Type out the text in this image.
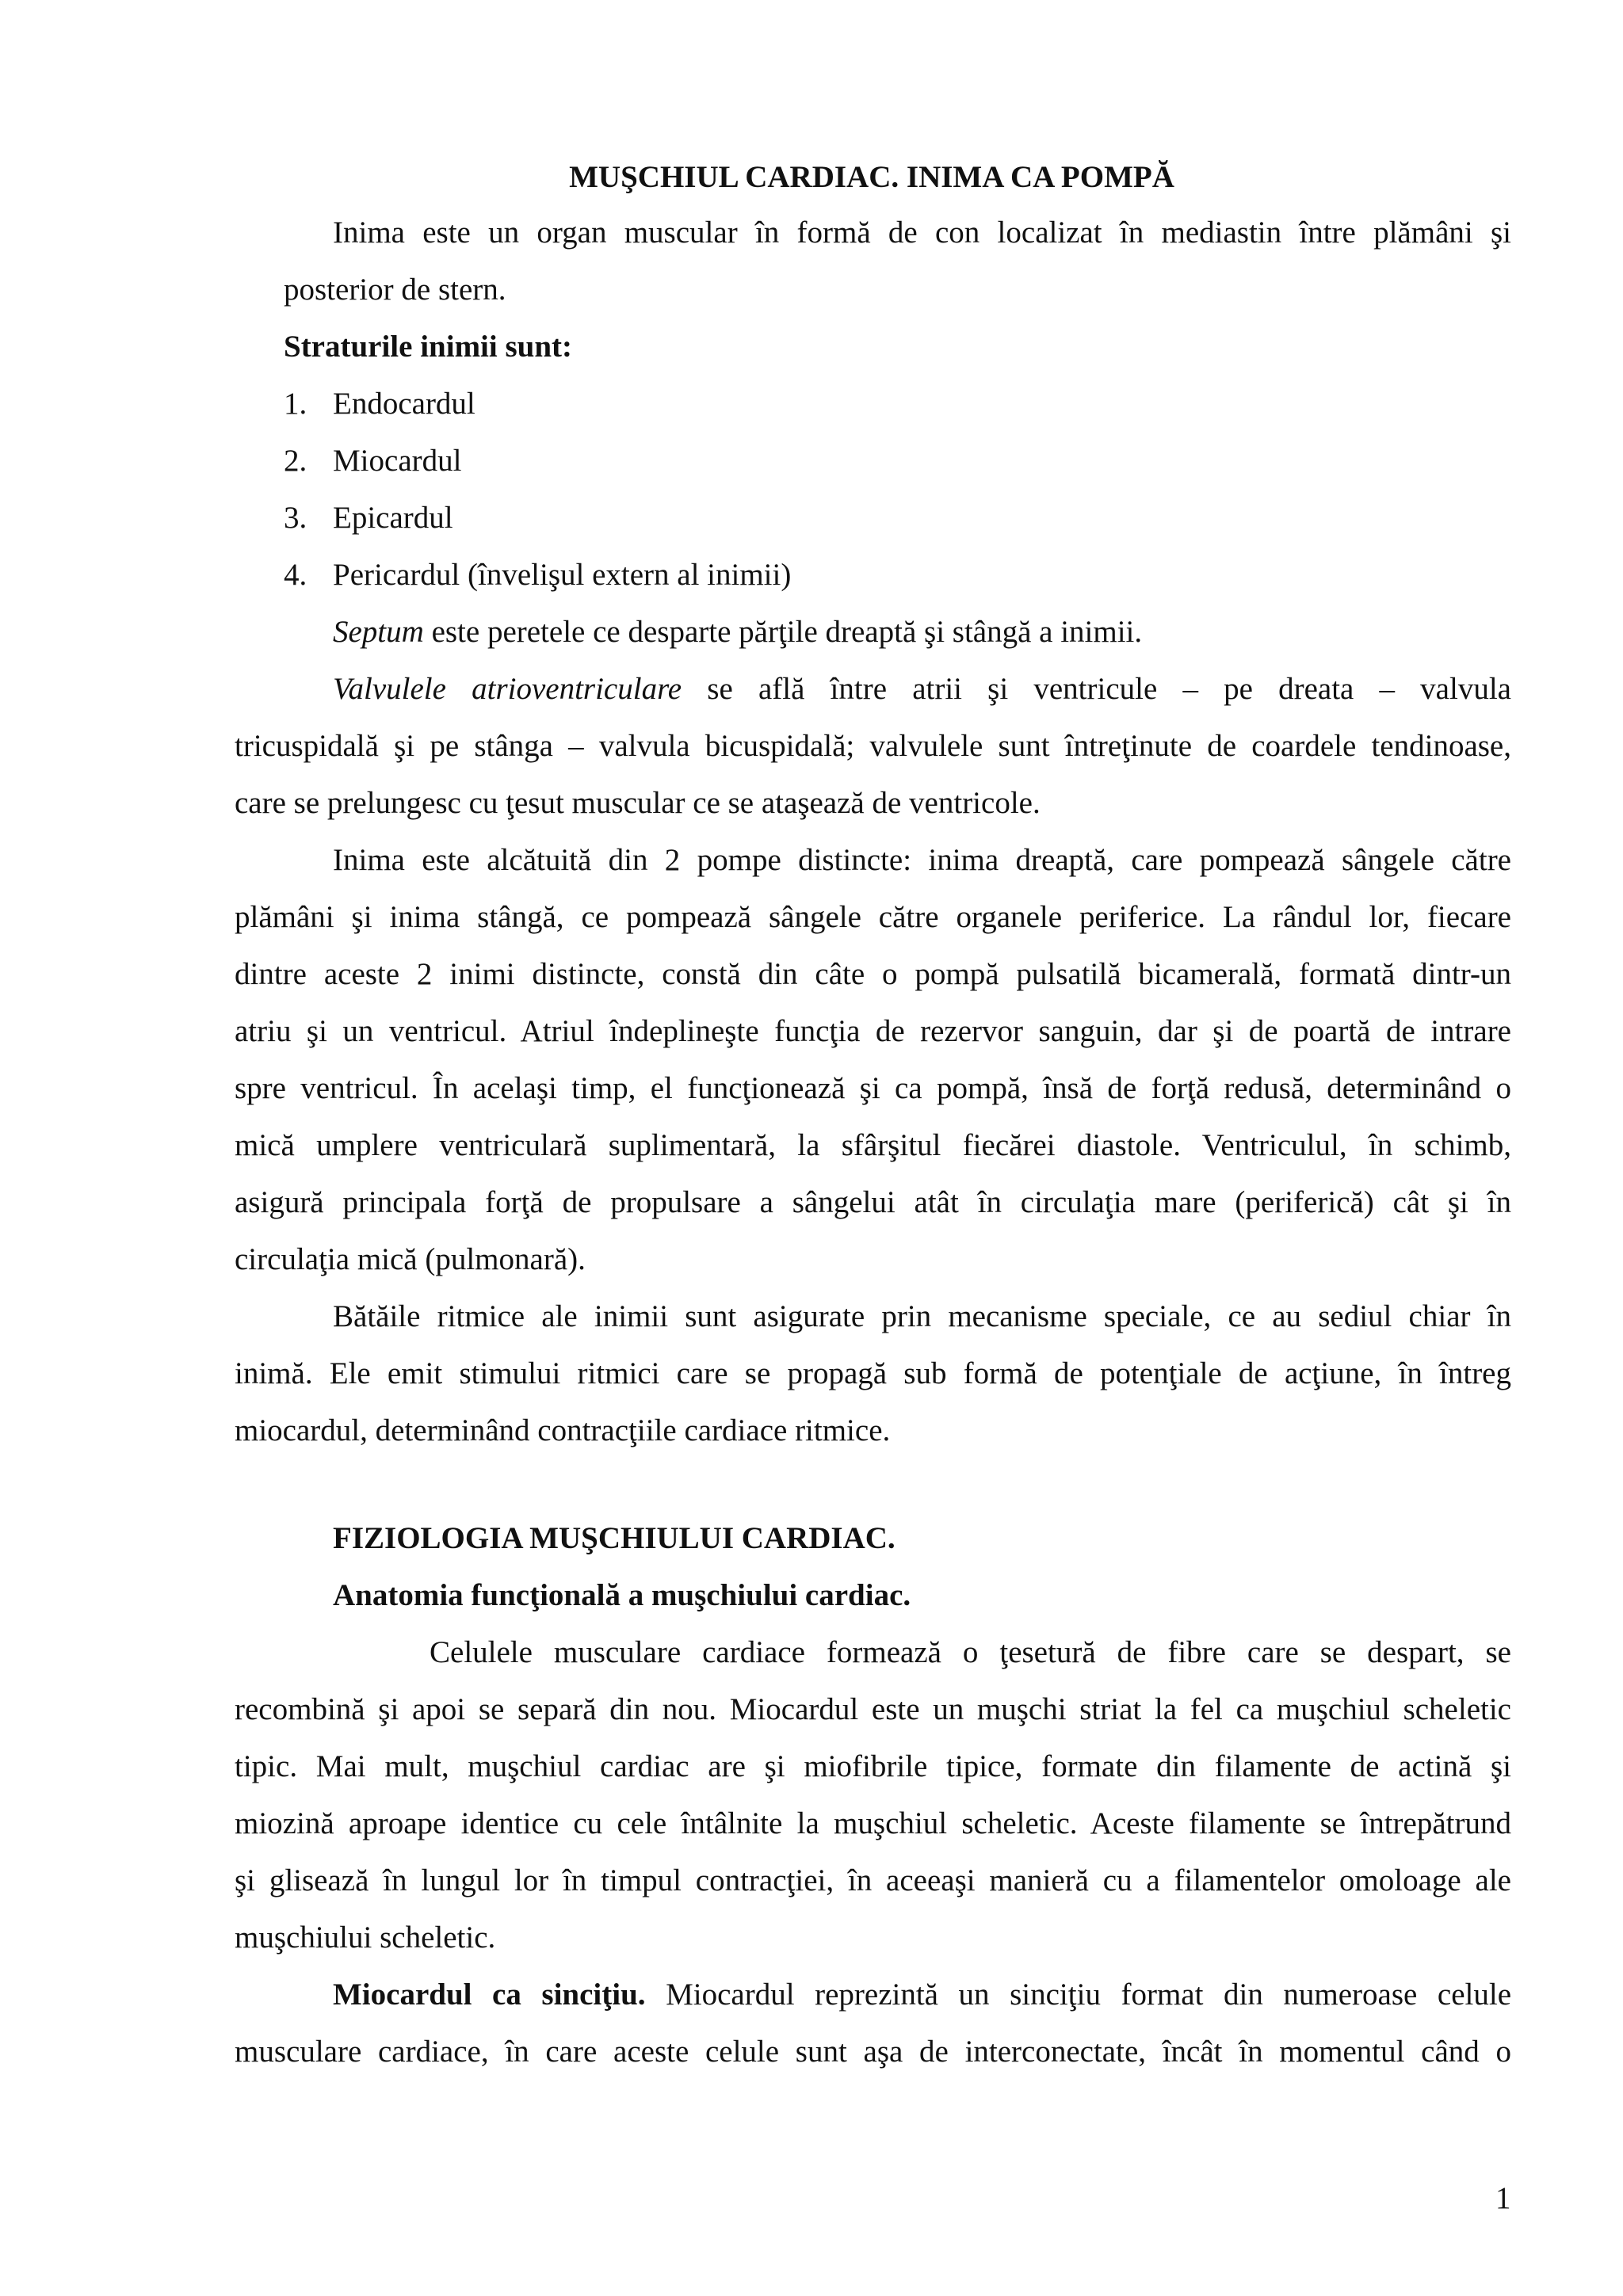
MUŞCHIUL CARDIAC. INIMA CA POMPĂ
Inima este un organ muscular în formă de con localizat în mediastin între plămâni şi
posterior de stern.
Straturile inimii sunt:
1. Endocardul
2. Miocardul
3. Epicardul
4. Pericardul (învelişul extern al inimii)
Septum este peretele ce desparte părţile dreaptă şi stângă a inimii.
Valvulele atrioventriculare se află între atrii şi ventricule – pe dreata – valvula
tricuspidală şi pe stânga – valvula bicuspidală; valvulele sunt întreţinute de coardele tendinoase,
care se prelungesc cu ţesut muscular ce se ataşează de ventricole.
Inima este alcătuită din 2 pompe distincte: inima dreaptă, care pompează sângele către
plămâni şi inima stângă, ce pompează sângele către organele periferice. La rândul lor, fiecare
dintre aceste 2 inimi distincte, constă din câte o pompă pulsatilă bicamerală, formată dintr-un
atriu şi un ventricul. Atriul îndeplineşte funcţia de rezervor sanguin, dar şi de poartă de intrare
spre ventricul. În acelaşi timp, el funcţionează şi ca pompă, însă de forţă redusă, determinând o
mică umplere ventriculară suplimentară, la sfârşitul fiecărei diastole. Ventriculul, în schimb,
asigură principala forţă de propulsare a sângelui atât în circulaţia mare (periferică) cât şi în
circulaţia mică (pulmonară).
Bătăile ritmice ale inimii sunt asigurate prin mecanisme speciale, ce au sediul chiar în
inimă. Ele emit stimului ritmici care se propagă sub formă de potenţiale de acţiune, în întreg
miocardul, determinând contracţiile cardiace ritmice.
FIZIOLOGIA MUŞCHIULUI CARDIAC.
Anatomia funcţională a muşchiului cardiac.
Celulele musculare cardiace formează o ţesetură de fibre care se despart, se
recombină şi apoi se separă din nou. Miocardul este un muşchi striat la fel ca muşchiul scheletic
tipic. Mai mult, muşchiul cardiac are şi miofibrile tipice, formate din filamente de actină şi
miozină aproape identice cu cele întâlnite la muşchiul scheletic. Aceste filamente se întrepătrund
şi glisează în lungul lor în timpul contracţiei, în aceeaşi manieră cu a filamentelor omoloage ale
muşchiului scheletic.
Miocardul ca sinciţiu. Miocardul reprezintă un sinciţiu format din numeroase celule
musculare cardiace, în care aceste celule sunt aşa de interconectate, încât în momentul când o
1
